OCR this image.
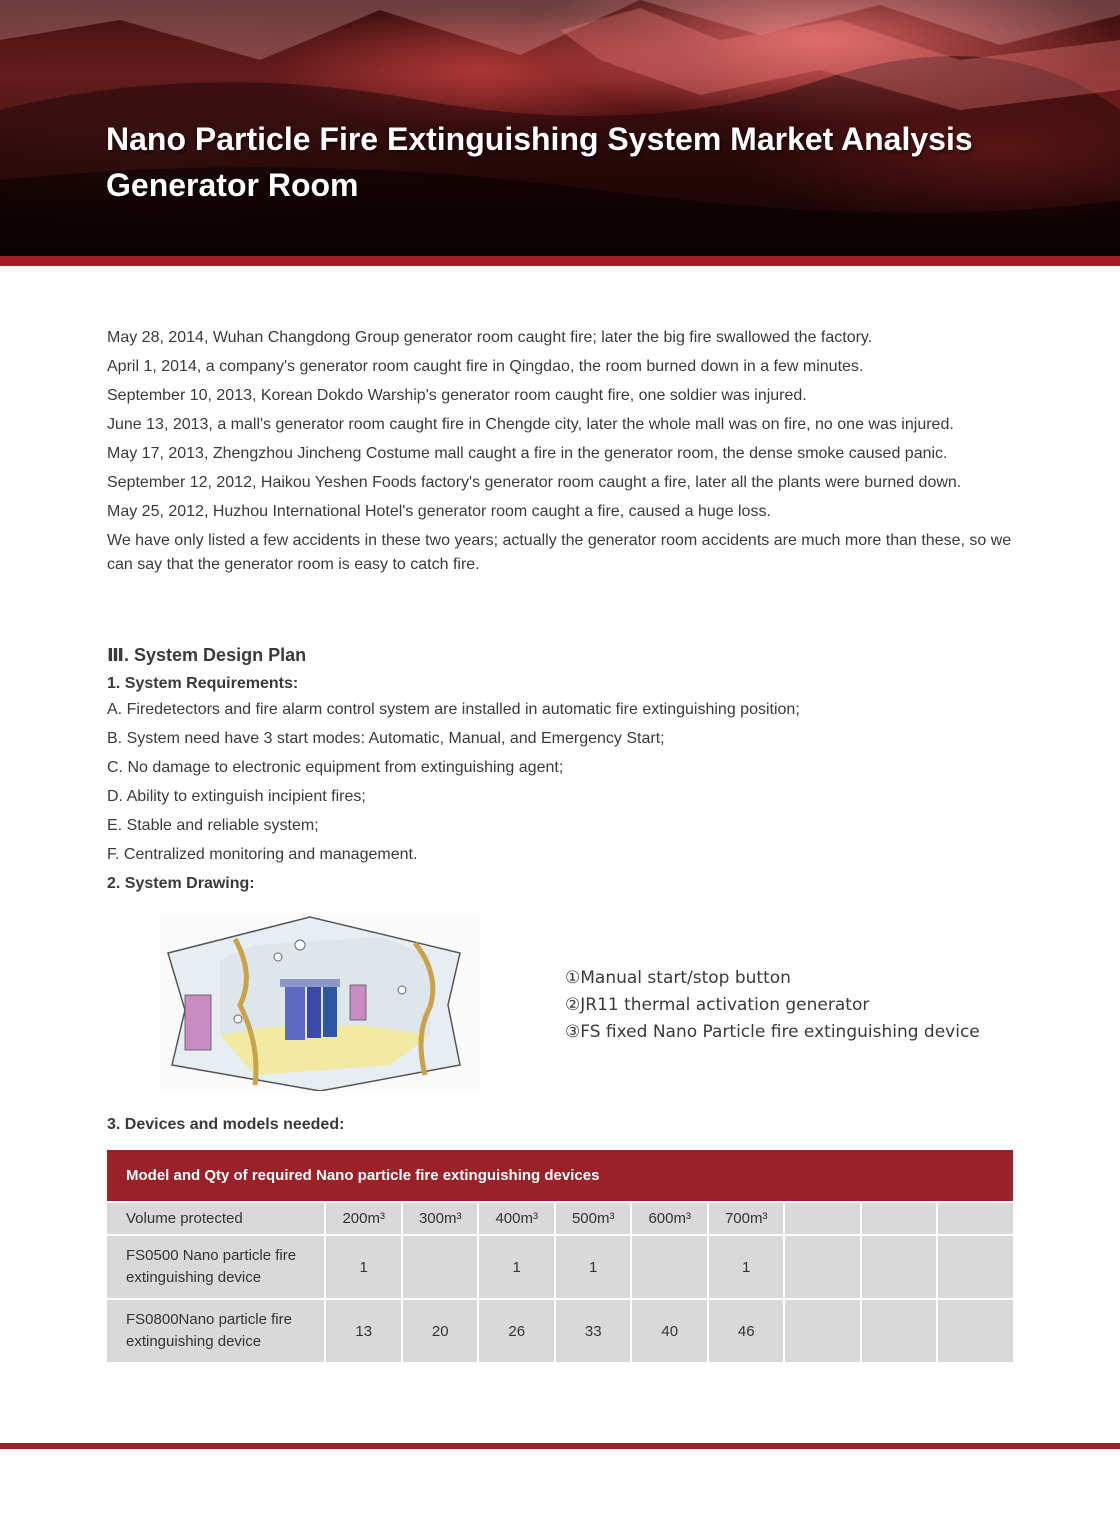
Nano Particle Fire Extinguishing System Market Analysis
Generator Room

May 28, 2014, Wuhan Changdong Group generator room caught fire; later the big fire swallowed the factory.

April 1, 2014, a company's generator room caught fire in Qingdao, the room burned down in a few minutes.

September 10, 2013, Korean Dokdo Warship's generator room caught fire, one soldier was injured.

June 13, 2013, a mall's generator room caught fire in Chengde city, later the whole mall was on fire, no one was injured.

May 17, 2013, Zhengzhou Jincheng Costume mall caught a fire in the generator room, the dense smoke caused panic.

September 12, 2012, Haikou Yeshen Foods factory's generator room caught a fire, later all the plants were burned down.

May 25, 2012, Huzhou International Hotel's generator room caught a fire, caused a huge loss.

We have only listed a few accidents in these two years; actually the generator room accidents are much more than these, so we can say that the generator room is easy to catch fire.

Ⅲ. System Design Plan
1. System Requirements:

A. Firedetectors and fire alarm control system are installed in automatic fire extinguishing position;

B. System need have 3 start modes: Automatic, Manual, and Emergency Start;

C. No damage to electronic equipment from extinguishing agent;

D. Ability to extinguish incipient fires;

E. Stable and reliable system;

F. Centralized monitoring and management.

2. System Drawing:
①Manual start/stop button
②JR11 thermal activation generator
③FS fixed Nano Particle fire extinguishing device
3. Devices and models needed:
Model and Qty of required Nano particle fire extinguishing devices
Volume protected	200m³	300m³	400m³	500m³	600m³	700m³			
FS0500 Nano particle fire extinguishing device	1		1	1		1			
FS0800Nano particle fire extinguishing device	13	20	26	33	40	46			
